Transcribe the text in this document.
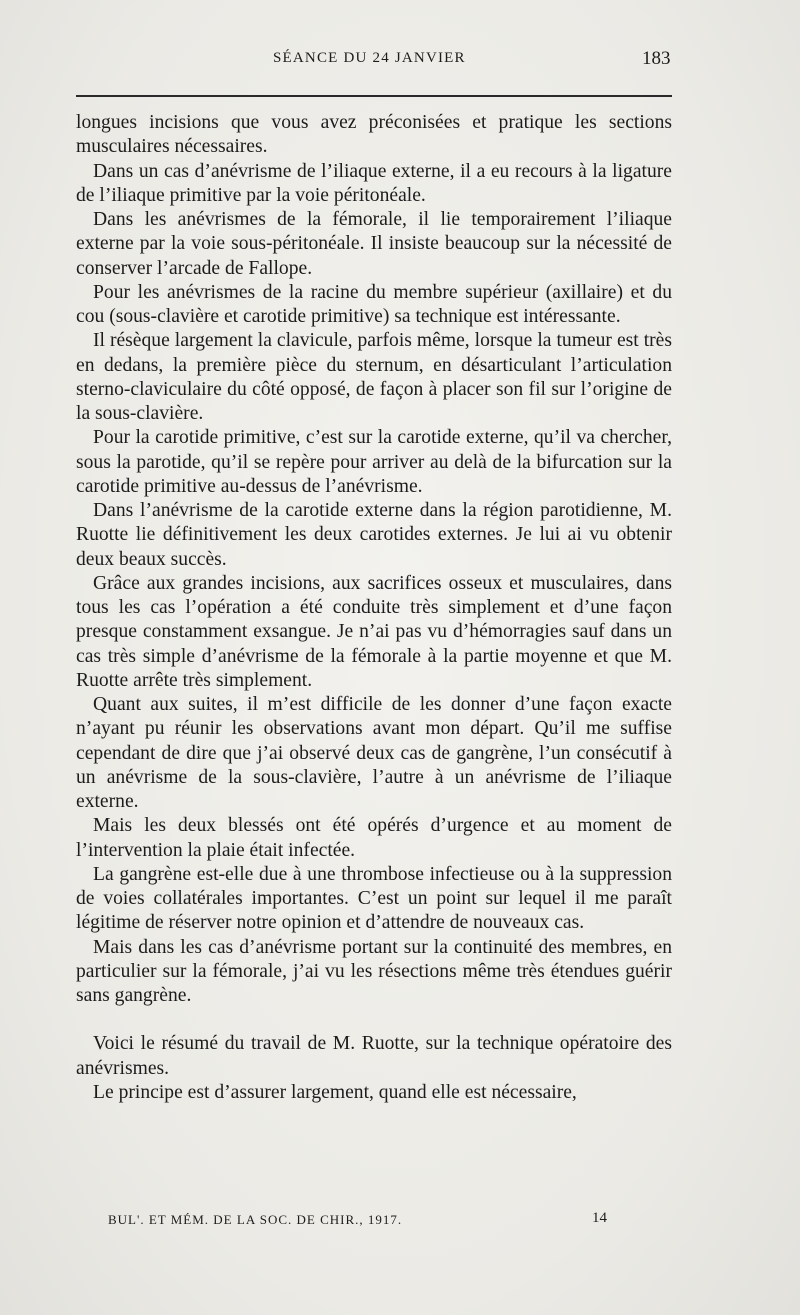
SÉANCE DU 24 JANVIER	183

longues incisions que vous avez préconisées et pratique les sections musculaires nécessaires.

Dans un cas d’anévrisme de l’iliaque externe, il a eu recours à la ligature de l’iliaque primitive par la voie péritonéale.

Dans les anévrismes de la fémorale, il lie temporairement l’iliaque externe par la voie sous-péritonéale. Il insiste beaucoup sur la nécessité de conserver l’arcade de Fallope.

Pour les anévrismes de la racine du membre supérieur (axillaire) et du cou (sous-clavière et carotide primitive) sa technique est intéressante.

Il résèque largement la clavicule, parfois même, lorsque la tumeur est très en dedans, la première pièce du sternum, en désarticulant l’articulation sterno-claviculaire du côté opposé, de façon à placer son fil sur l’origine de la sous-clavière.

Pour la carotide primitive, c’est sur la carotide externe, qu’il va chercher, sous la parotide, qu’il se repère pour arriver au delà de la bifurcation sur la carotide primitive au-dessus de l’anévrisme.

Dans l’anévrisme de la carotide externe dans la région parotidienne, M. Ruotte lie définitivement les deux carotides externes. Je lui ai vu obtenir deux beaux succès.

Grâce aux grandes incisions, aux sacrifices osseux et musculaires, dans tous les cas l’opération a été conduite très simplement et d’une façon presque constamment exsangue. Je n’ai pas vu d’hémorragies sauf dans un cas très simple d’anévrisme de la fémorale à la partie moyenne et que M. Ruotte arrête très simplement.

Quant aux suites, il m’est difficile de les donner d’une façon exacte n’ayant pu réunir les observations avant mon départ. Qu’il me suffise cependant de dire que j’ai observé deux cas de gangrène, l’un consécutif à un anévrisme de la sous-clavière, l’autre à un anévrisme de l’iliaque externe.

Mais les deux blessés ont été opérés d’urgence et au moment de l’intervention la plaie était infectée.

La gangrène est-elle due à une thrombose infectieuse ou à la suppression de voies collatérales importantes. C’est un point sur lequel il me paraît légitime de réserver notre opinion et d’attendre de nouveaux cas.

Mais dans les cas d’anévrisme portant sur la continuité des membres, en particulier sur la fémorale, j’ai vu les résections même très étendues guérir sans gangrène.

Voici le résumé du travail de M. Ruotte, sur la technique opératoire des anévrismes.

Le principe est d’assurer largement, quand elle est nécessaire,

BUL'. ET MÉM. DE LA SOC. DE CHIR., 1917.	14
